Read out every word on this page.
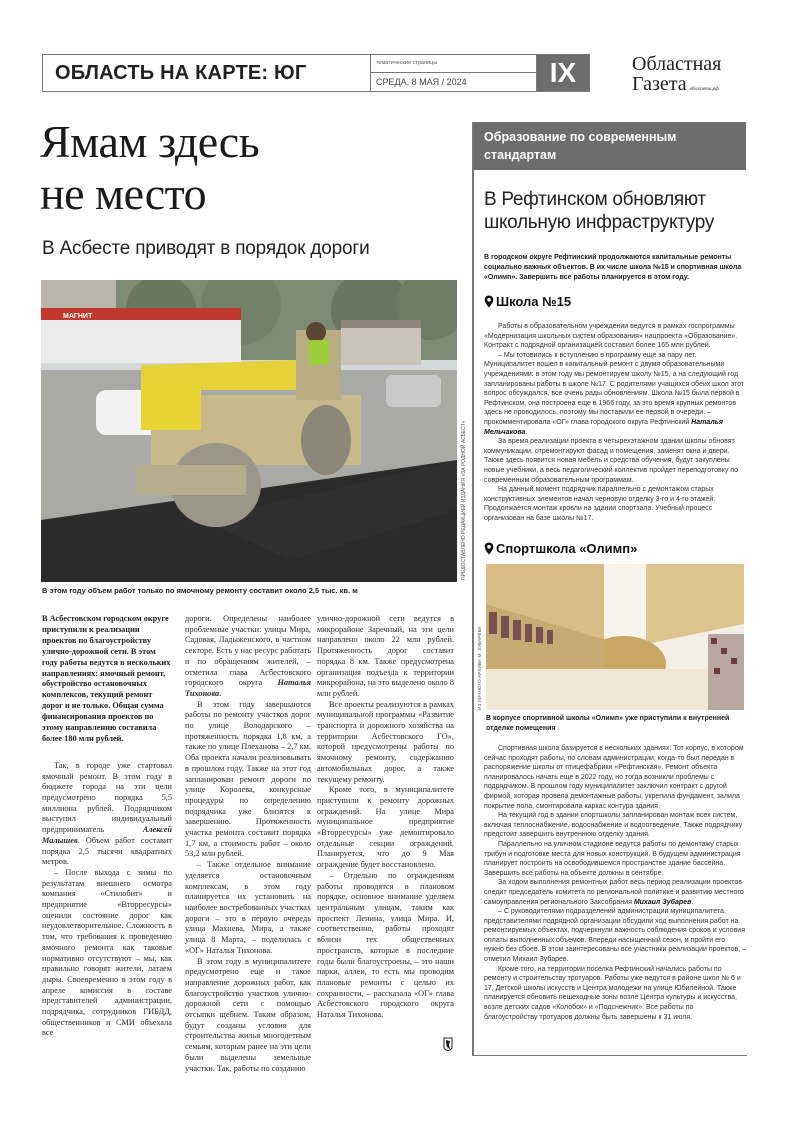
ОБЛАСТЬ НА КАРТЕ: ЮГ	тематические страницы
СРЕДА, 8 МАЯ / 2024	IX	Областная
Газета облгазета.рф
Ямам здесь
не место
В Асбесте приводят в порядок дороги
МАГНИТ
ПРЕДОСТАВЛЕНО РЕДАКЦИЕЙ ИЗДАНИЯ «ЗА РОДНОЙ АСБЕСТ»
В этом году объем работ только по ямочному ремонту составит около 2,5 тыс. кв. м

В Асбестовском городском округе приступили к реализации проектов по благоустройству улично-дорожной сети. В этом году работы ведутся в нескольких направлениях: ямочный ремонт, обустройство остановочных комплексов, текущий ремонт дорог и не только. Общая сумма финансирования проектов по этому направлению составила более 180 млн рублей.

Так, в городе уже стартовал ямочный ремонт. В этом году в бюджете города на эти цели предусмотрено порядка 5,5 миллиона рублей. Подрядчиком выступил индивидуальный предприниматель Алексей Малышев. Объем работ составит порядка 2,5 тысячи квадратных метров.

– После выхода с зимы по результатам внешнего осмотра компания «Стилобит» и предприятие «Вторресурсы» оценили состояние дорог как неудовлетворительное. Сложность в том, что требования к проведению ямочного ремонта как таковые нормативно отсутствуют – мы, как правильно говорят жители, латаем дыры. Своевременно в этом году в апреле комиссия в составе представителей администрации, подрядчика, сотрудников ГИБДД, общественников и СМИ объехала все

дороги. Определены наиболее проблемные участки: улицы Мира, Садовая, Ладыженского, в частном секторе. Есть у нас ресурс работать и по обращениям жителей, – отметила глава Асбестовского городского округа Наталья Тихонова.

В этом году завершаются работы по ремонту участков дорог по улице Володарского – протяженность порядка 1,8 км, а также по улице Плеханова – 2,7 км. Оба проекта начали реализовывать в прошлом году. Также на этот год запланирован ремонт дороги по улице Королева, конкурсные процедуры по определению подрядчика уже близятся к завершению. Протяженность участка ремонта составит порядка 1,7 км, а стоимость работ – около 53,2 млн рублей.

– Также отдельное внимание уделяется остановочным комплексам, в этом году планируется их установить на наиболее востребованных участках дороги – это в первую очередь улица Махнева, Мира, а также улица 8 Марта, – поделилась с «ОГ» Наталья Тихонова.

В этом году в муниципалитете предусмотрено еще и такое направление дорожных работ, как благоустройство участков улично-дорожной сети с помощью отсыпки щебнем. Таким образом, будут созданы условия для строительства жилья многодетным семьям, которым ранее на эти цели были выделены земельные участки. Так, работы по созданию

улично-дорожной сети ведутся в микрорайоне Заречный, на эти цели направлено около 22 млн рублей. Протяженность дорог составит порядка 8 км. Также предусмотрена организация подъезда к территории микрорайона, на это выделено около 8 млн рублей.

Все проекты реализуются в рамках муниципальной программы «Развитие транспорта и дорожного хозяйства на территории Асбестовского ГО», которой предусмотрены работы по ямочному ремонту, содержанию автомобильных дорог, а также текущему ремонту.

Кроме того, в муниципалитете приступили к ремонту дорожных ограждений. На улице Мира муниципальное предприятие «Вторресурсы» уже демонтировало отдельные секции ограждений. Планируется, что до 9 Мая ограждение будет восстановлено.

– Отдельно по ограждениям работы проводятся в плановом порядке, основное внимание уделяем центральным улицам, таким как проспект Ленина, улица Мира. И, соответственно, работы проходят вблизи тех общественных пространств, которые в последние годы были благоустроены, – это наши парки, аллеи, то есть мы проводим плановые ремонты с целью их сохранности, – рассказала «ОГ» глава Асбестовского городского округа Наталья Тихонова.

Образование по современным стандартам
В Рефтинском обновляют
школьную инфраструктуру
В городском округе Рефтинский продолжаются капитальные ремонты социально важных объектов. В их числе школа №15 и спортивная школа «Олимп». Завершить все работы планируется в этом году.
Школа №15

Работы в образовательном учреждении ведутся в рамках госпрограммы «Модернизация школьных систем образования» нацпроекта «Образование». Контракт с подрядной организацией составил более 165 млн рублей.

– Мы готовились к вступлению в программу еще за пару лет. Муниципалитет вошел в капитальный ремонт с двумя образовательными учреждениями: в этом году мы ремонтируем школу №15, а на следующий год запланированы работы в школе №17. С родителями учащихся обеих школ этот вопрос обсуждался, все очень рады обновлениям. Школа №15 была первой в Рефтинском, она построена еще в 1966 году, за это время крупных ремонтов здесь не проводилось, поэтому мы поставили ее первой в очереди. – прокомментировала «ОГ» глава городского округа Рефтинский Наталья Мельчакова.

За время реализации проекта в четырехэтажном здании школы обновят коммуникации, отремонтируют фасад и помещения, заменят окна и двери. Также здесь появится новая мебель и средства обучения, будут закуплены новые учебники, а весь педагогический коллектив пройдет переподготовку по современным образовательным программам.

На данный момент подрядчик параллельно с демонтажом старых конструктивных элементов начал черновую отделку 3-го и 4-го этажей. Продолжается монтаж кровли на здании спортзала. Учебный процесс организован на базе школы №17.

Спортшкола «Олимп»
ИЗ ЛИЧНОГО АРХИВА М. ЗУБАРЕВА
В корпусе спортивной школы «Олимп» уже приступили к внутренней отделке помещения

Спортивная школа базируется в нескольких зданиях. Тот корпус, в котором сейчас проходят работы, по словам администрации, когда-то был передан в распоряжение школы от птицефабрики «Рефтинская». Ремонт объекта планировалось начать еще в 2022 году, но тогда возникли проблемы с подрядчиком. В прошлом году муниципалитет заключил контракт с другой фирмой, которая провела демонтажные работы, укрепила фундамент, залила покрытие пола, смонтировала каркас контура здания.

На текущий год в здании спортшколы запланирован монтаж всех систем, включая теплоснабжение, водоснабжение и водоотведение. Также подрядчику предстоит завершить внутреннюю отделку здания.

Параллельно на уличном стадионе ведутся работы по демонтажу старых трибун и подготовке места для новых конструкций. В будущем администрация планирует построить на освободившемся пространстве здание бассейна. Завершить все работы на объекте должны в сентябре.

За ходом выполнения ремонтных работ весь период реализации проектов следит председатель комитета по региональной политике и развитию местного самоуправления регионального Заксобрания Михаил Зубарев.

– С руководителями подразделений администрации муниципалитета, представителями подрядной организации обсудили ход выполнения работ на ремонтируемых объектах, подчеркнули важность соблюдения сроков и условия оплаты выполненных объемов. Впереди насыщенный сезон, и пройти его нужно без сбоев. В этом заинтересованы все участники реализации проектов, – отметил Михаил Зубарев.

Кроме того, на территории поселка Рефтинский начались работы по ремонту и строительству тротуаров. Работы уже ведутся в районе школ № 6 и 17, Детской школы искусств и Центра молодежи на улице Юбилейной. Также планируется обновить пешеходные зоны возле Центра культуры и искусства, возле детских садов «Колобок» и «Подснежник». Все работы по благоустройству тротуаров должны быть завершены к 31 июля.
